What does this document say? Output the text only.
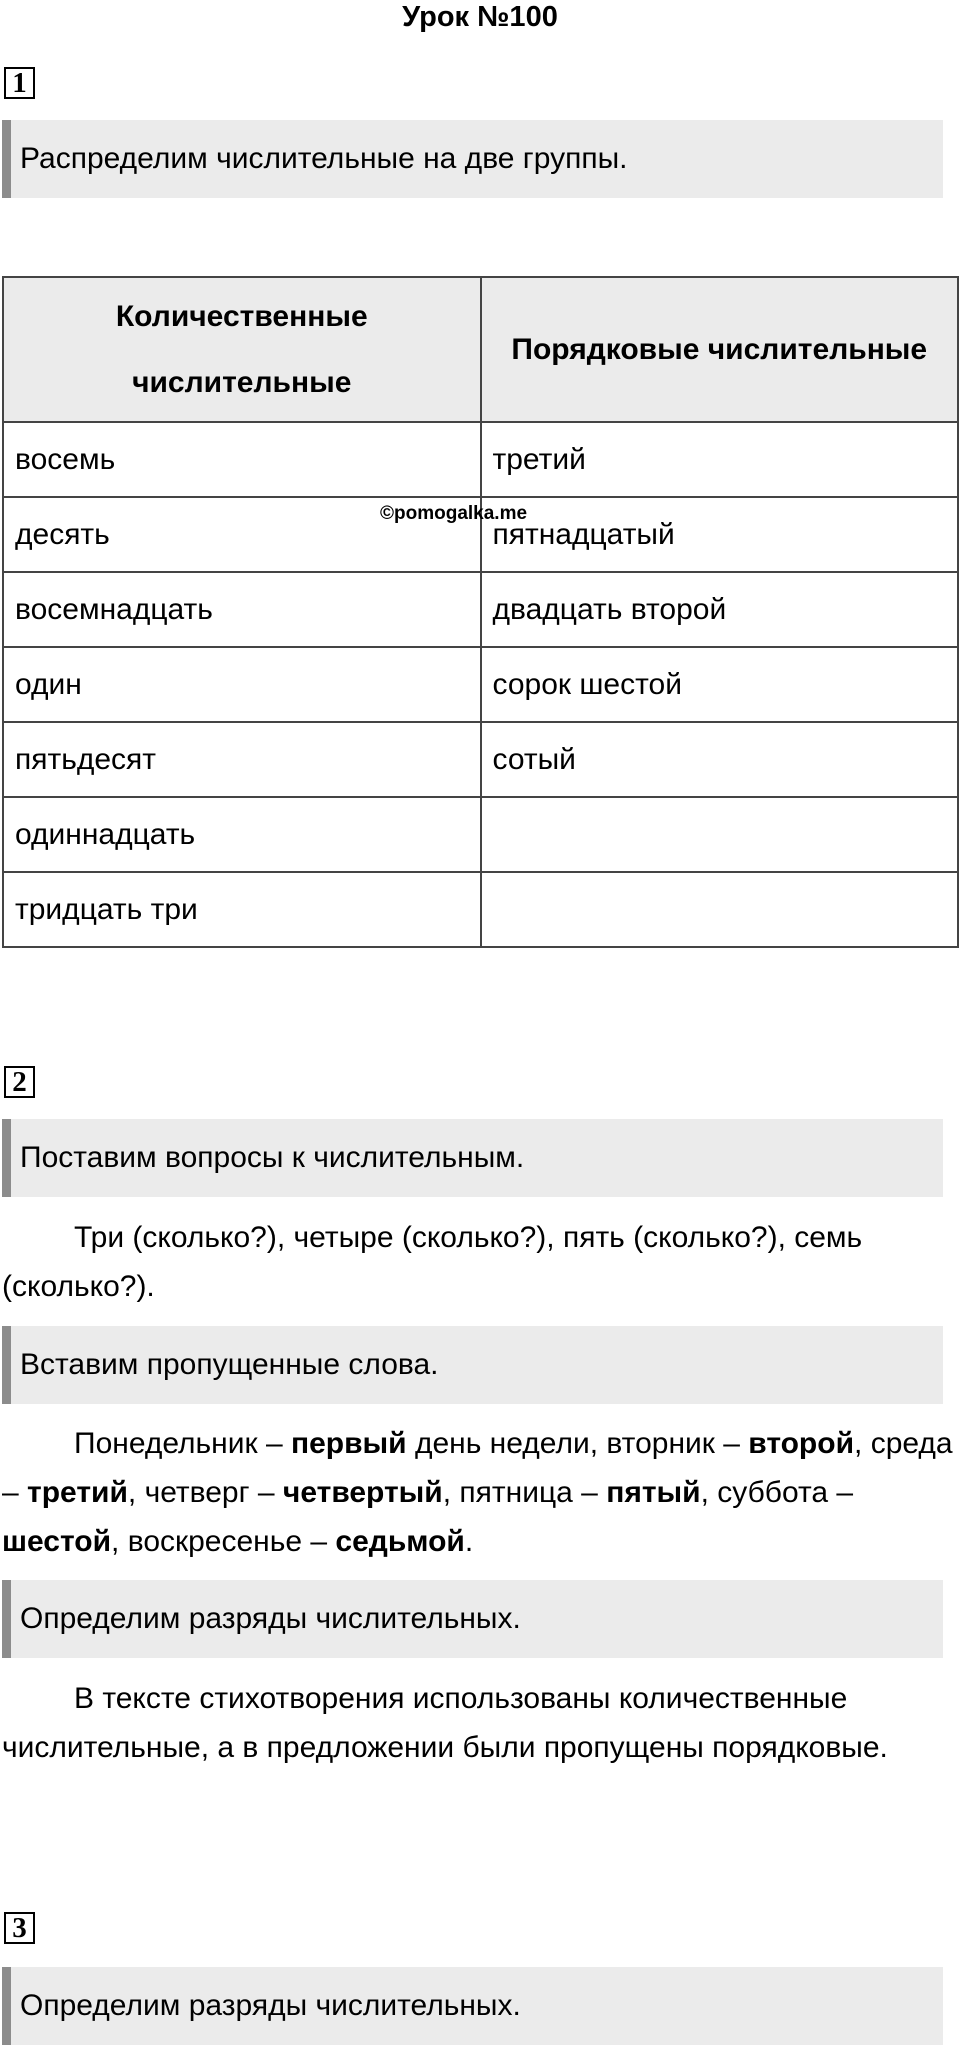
Урок №100
1
Распределим числительные на две группы.
Количественные числительные	Порядковые числительные
восемь	третий
десять	пятнадцатый
восемнадцать	двадцать второй
один	сорок шестой
пятьдесят	сотый
одиннадцать	
тридцать три	
©pomogalka.me
2
Поставим вопросы к числительным.

Три (сколько?), четыре (сколько?), пять (сколько?), семь (сколько?).

Вставим пропущенные слова.

Понедельник – первый день недели, вторник – второй, среда – третий, четверг – четвертый, пятница – пятый, суббота – шестой, воскресенье – седьмой.

Определим разряды числительных.

В тексте стихотворения использованы количественные числительные, а в предложении были пропущены порядковые.

3
Определим разряды числительных.
